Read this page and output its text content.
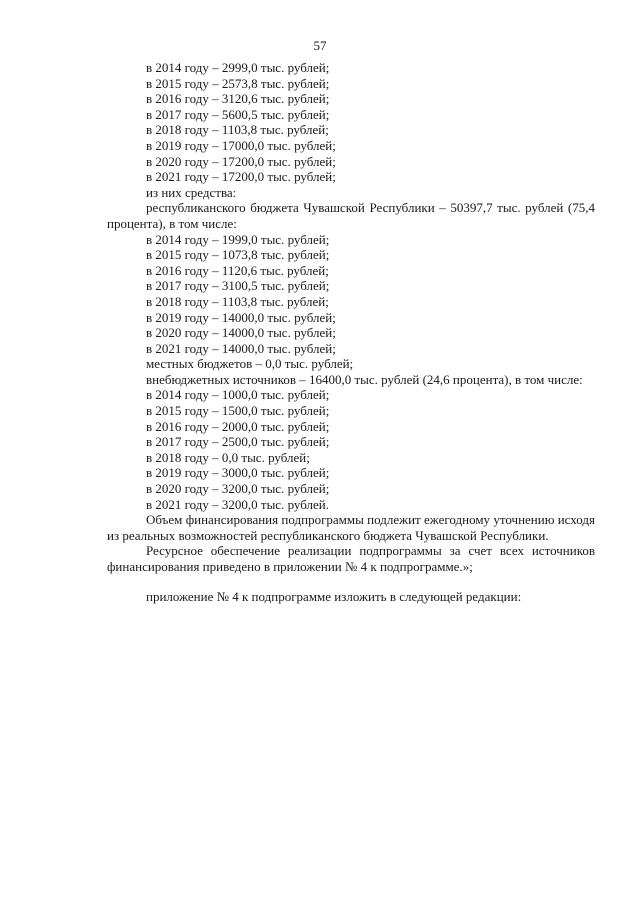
57

в 2014 году – 2999,0 тыс. рублей;

в 2015 году – 2573,8 тыс. рублей;

в 2016 году – 3120,6 тыс. рублей;

в 2017 году – 5600,5 тыс. рублей;

в 2018 году – 1103,8 тыс. рублей;

в 2019 году – 17000,0 тыс. рублей;

в 2020 году – 17200,0 тыс. рублей;

в 2021 году – 17200,0 тыс. рублей;

из них средства:

республиканского бюджета Чувашской Республики – 50397,7 тыс. рублей (75,4 процента), в том числе:

в 2014 году – 1999,0 тыс. рублей;

в 2015 году – 1073,8 тыс. рублей;

в 2016 году – 1120,6 тыс. рублей;

в 2017 году – 3100,5 тыс. рублей;

в 2018 году – 1103,8 тыс. рублей;

в 2019 году – 14000,0 тыс. рублей;

в 2020 году – 14000,0 тыс. рублей;

в 2021 году – 14000,0 тыс. рублей;

местных бюджетов – 0,0 тыс. рублей;

внебюджетных источников – 16400,0 тыс. рублей (24,6 процента), в том числе:

в 2014 году – 1000,0 тыс. рублей;

в 2015 году – 1500,0 тыс. рублей;

в 2016 году – 2000,0 тыс. рублей;

в 2017 году – 2500,0 тыс. рублей;

в 2018 году – 0,0 тыс. рублей;

в 2019 году – 3000,0 тыс. рублей;

в 2020 году – 3200,0 тыс. рублей;

в 2021 году – 3200,0 тыс. рублей.

Объем финансирования подпрограммы подлежит ежегодному уточнению исходя из реальных возможностей республиканского бюджета Чувашской Республики.

Ресурсное обеспечение реализации подпрограммы за счет всех источников финансирования приведено в приложении № 4 к подпрограмме.»;

приложение № 4 к подпрограмме изложить в следующей редакции:
